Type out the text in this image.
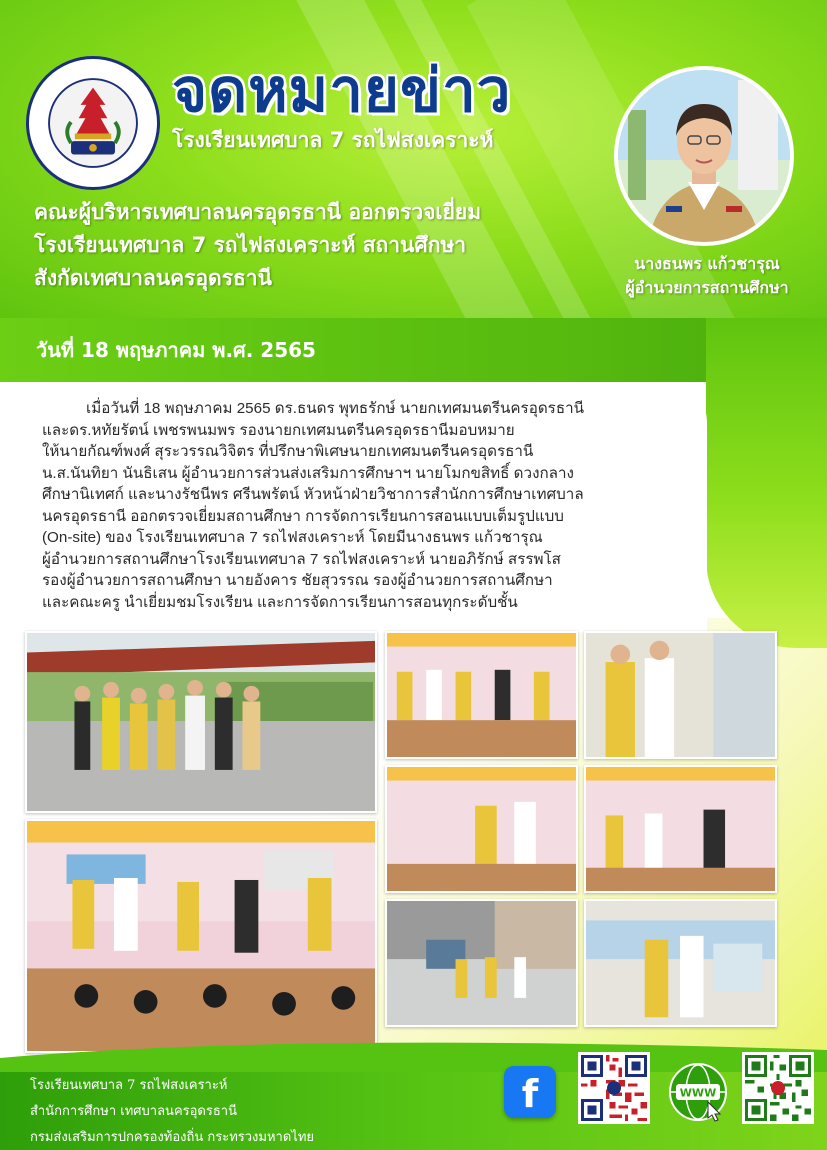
จดหมายข่าว
โรงเรียนเทศบาล 7 รถไฟสงเคราะห์
คณะผู้บริหารเทศบาลนครอุดรธานี ออกตรวจเยี่ยม
โรงเรียนเทศบาล 7 รถไฟสงเคราะห์ สถานศึกษา
สังกัดเทศบาลนครอุดรธานี
นางธนพร แก้วชารุณ
ผู้อำนวยการสถานศึกษา
วันที่ 18 พฤษภาคม พ.ศ. 2565

เมื่อวันที่ 18 พฤษภาคม 2565 ดร.ธนดร พุทธรักษ์ นายกเทศมนตรีนครอุดรธานี

และดร.หทัยรัตน์ เพชรพนมพร รองนายกเทศมนตรีนครอุดรธานีมอบหมาย
ให้นายกัณฑ์พงศ์ สุระวรรณวิจิตร ที่ปรึกษาพิเศษนายกเทศมนตรีนครอุดรธานี
น.ส.นันทิยา นันธิเสน ผู้อำนวยการส่วนส่งเสริมการศึกษาฯ นายโมกขสิทธิ์ ดวงกลาง
ศึกษานิเทศก์ และนางรัชนีพร ศรีนพรัตน์ หัวหน้าฝ่ายวิชาการสำนักการศึกษาเทศบาล
นครอุดรธานี ออกตรวจเยี่ยมสถานศึกษา การจัดการเรียนการสอนแบบเต็มรูปแบบ
(On-site) ของ โรงเรียนเทศบาล 7 รถไฟสงเคราะห์ โดยมีนางธนพร แก้วชารุณ
ผู้อำนวยการสถานศึกษาโรงเรียนเทศบาล 7 รถไฟสงเคราะห์ นายอภิรักษ์ สรรพโส
รองผู้อำนวยการสถานศึกษา นายอังคาร ชัยสุวรรณ รองผู้อำนวยการสถานศึกษา
และคณะครู นำเยี่ยมชมโรงเรียน และการจัดการเรียนการสอนทุกระดับชั้น
โรงเรียนเทศบาล 7 รถไฟสงเคราะห์
สำนักการศึกษา เทศบาลนครอุดรธานี
กรมส่งเสริมการปกครองท้องถิ่น กระทรวงมหาดไทย
f	WWW
